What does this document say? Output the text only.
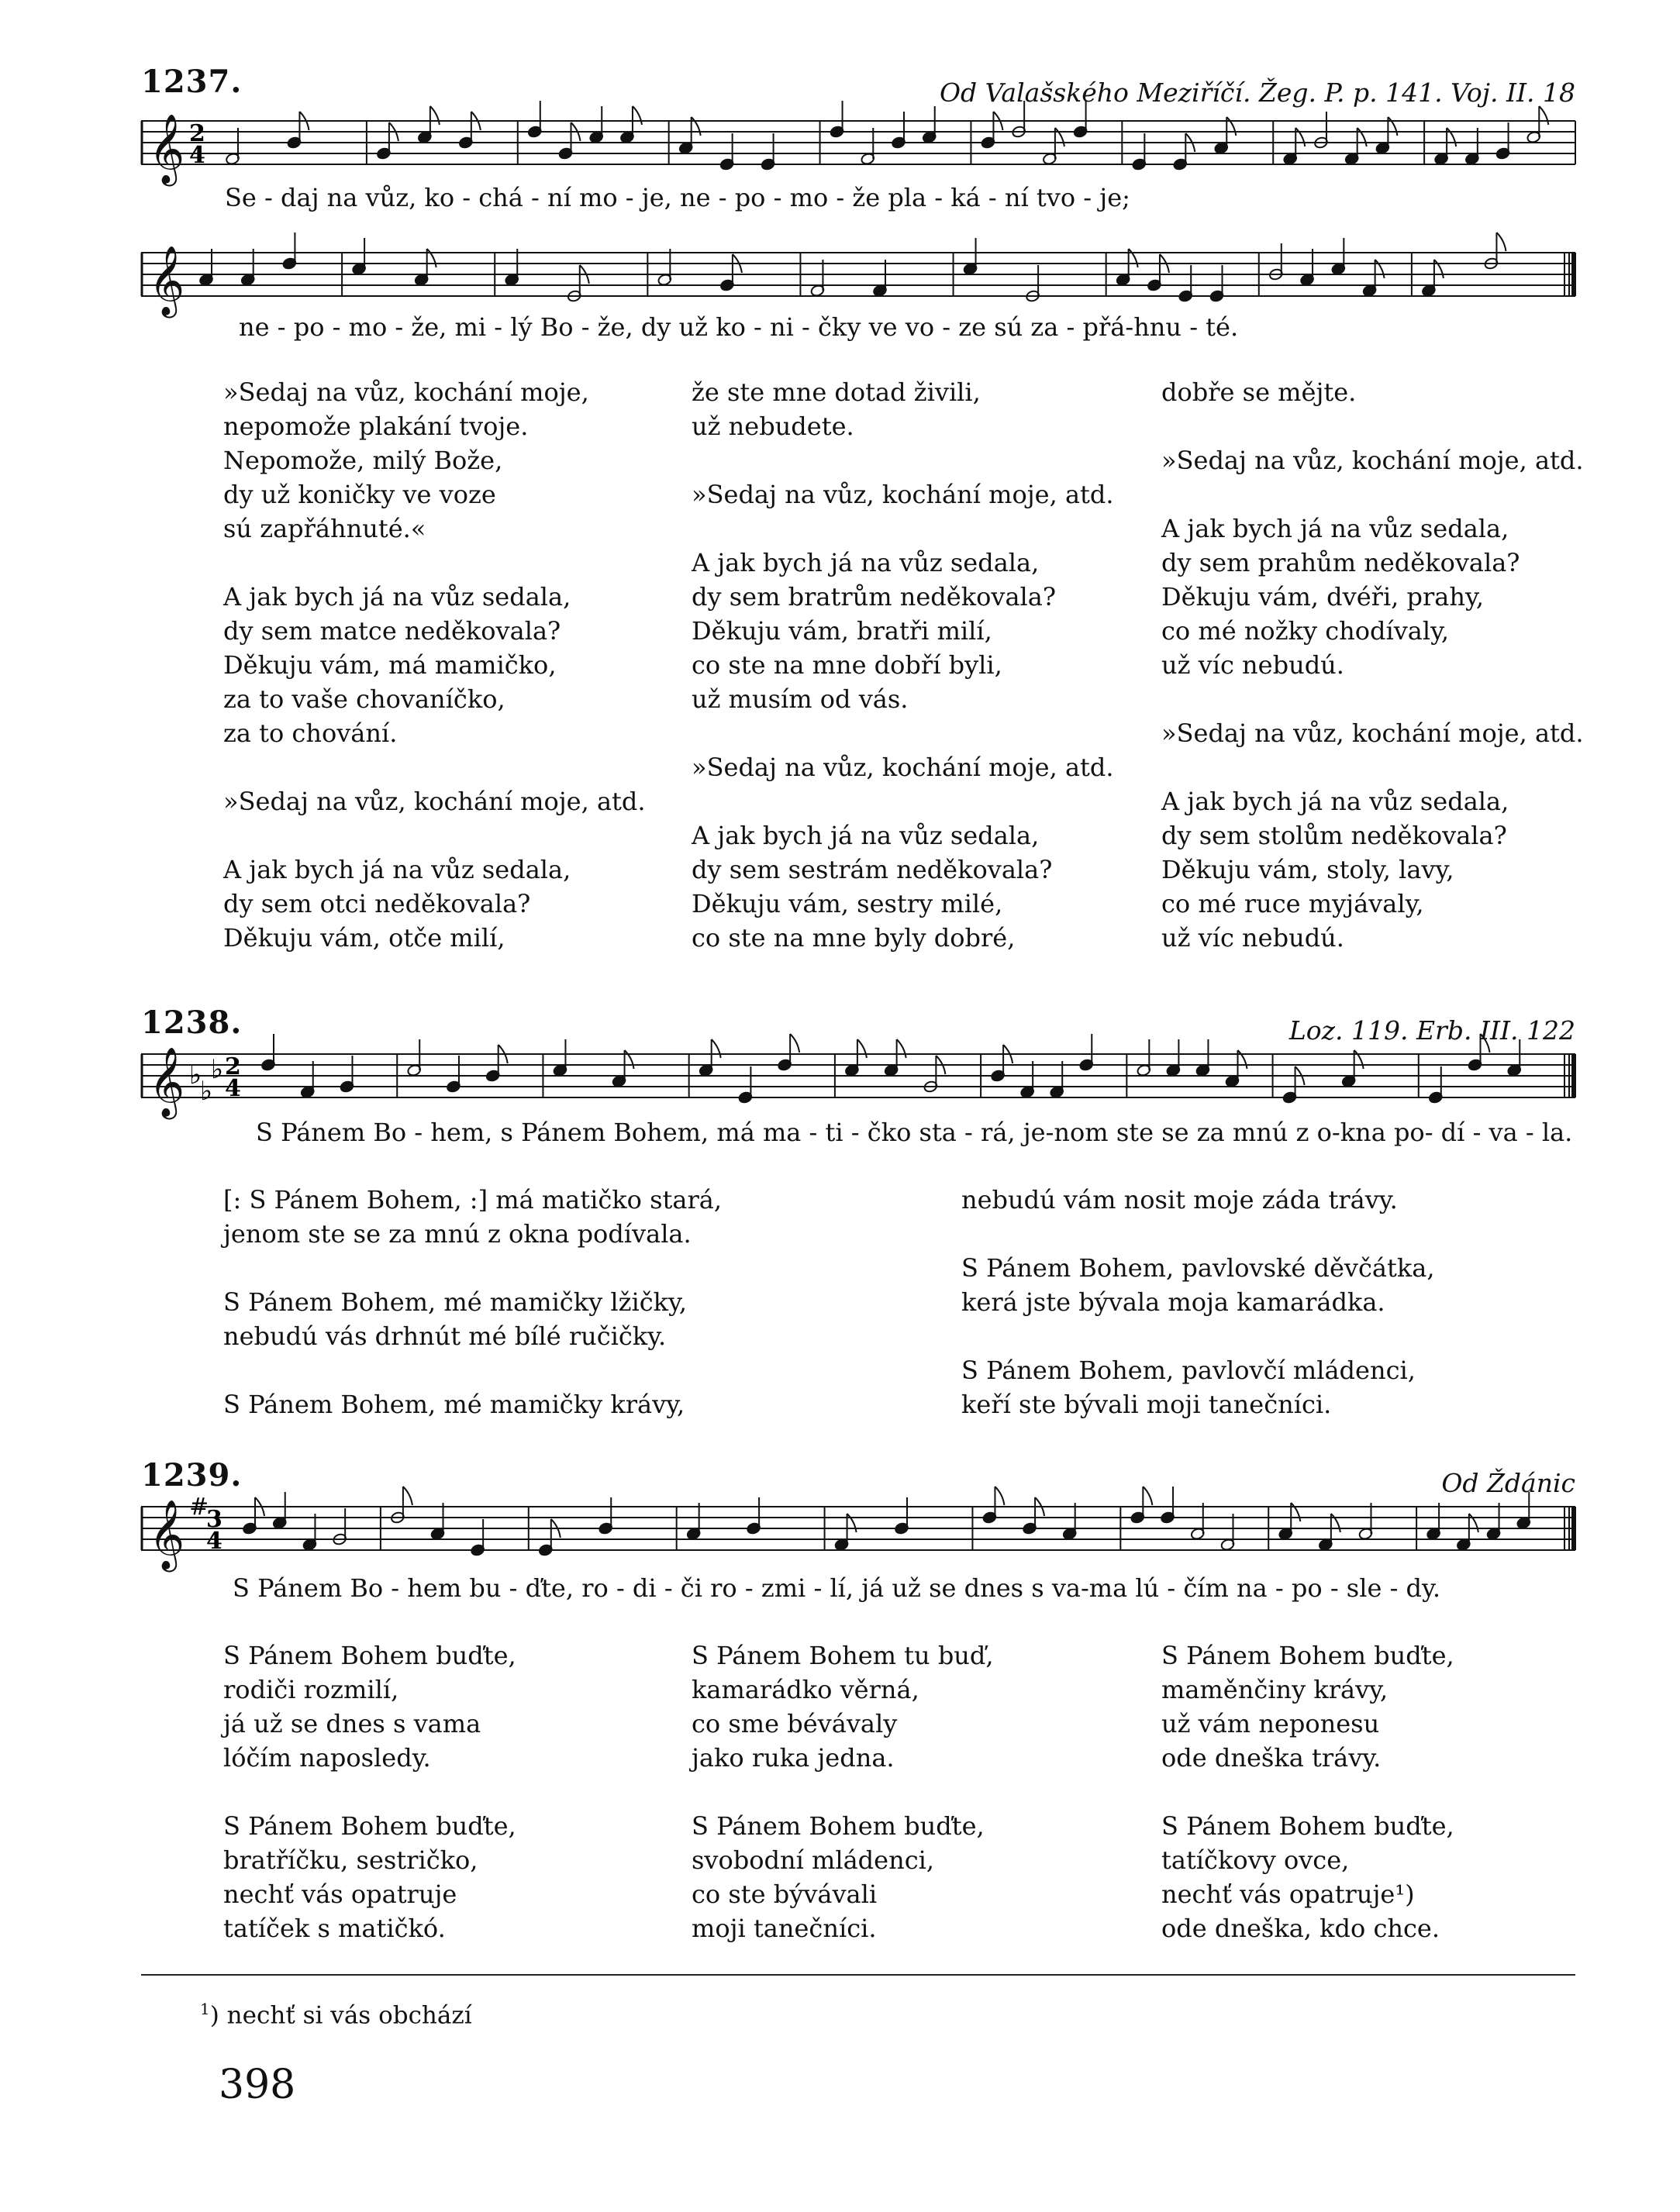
1237.	Od Valašského Meziříčí. Žeg. P. p. 141. Voj. II. 18
𝄞 2
4
Se - daj na vůz, ko - chá - ní mo - je, ne - po - mo - že pla - ká - ní tvo - je;
𝄞
ne - po - mo - že, mi - lý Bo - že, dy už ko - ni - čky ve vo - ze sú za - přá-hnu - té.

»Sedaj na vůz, kochání moje,
nepomože plakání tvoje.
Nepomože, milý Bože,
dy už koničky ve voze
sú zapřáhnuté.«

A jak bych já na vůz sedala,
dy sem matce neděkovala?
Děkuju vám, má mamičko,
za to vaše chovaníčko,
za to chování.

»Sedaj na vůz, kochání moje, atd.

A jak bych já na vůz sedala,
dy sem otci neděkovala?
Děkuju vám, otče milí,

že ste mne dotad živili,
už nebudete.

»Sedaj na vůz, kochání moje, atd.

A jak bych já na vůz sedala,
dy sem bratrům neděkovala?
Děkuju vám, bratři milí,
co ste na mne dobří byli,
už musím od vás.

»Sedaj na vůz, kochání moje, atd.

A jak bych já na vůz sedala,
dy sem sestrám neděkovala?
Děkuju vám, sestry milé,
co ste na mne byly dobré,

dobře se mějte.

»Sedaj na vůz, kochání moje, atd.

A jak bych já na vůz sedala,
dy sem prahům neděkovala?
Děkuju vám, dvéři, prahy,
co mé nožky chodívaly,
už víc nebudú.

»Sedaj na vůz, kochání moje, atd.

A jak bych já na vůz sedala,
dy sem stolům neděkovala?
Děkuju vám, stoly, lavy,
co mé ruce myjávaly,
už víc nebudú.

1238.	Loz. 119. Erb. III. 122
𝄞 ♭
♭
♭ 2
4
S Pánem Bo - hem, s Pánem Bohem, má ma - ti - čko sta - rá, je-nom ste se za mnú z o-kna po- dí - va - la.

[: S Pánem Bohem, :] má matičko stará,
jenom ste se za mnú z okna podívala.

S Pánem Bohem, mé mamičky lžičky,
nebudú vás drhnút mé bílé ručičky.

S Pánem Bohem, mé mamičky krávy,

nebudú vám nosit moje záda trávy.

S Pánem Bohem, pavlovské děvčátka,
kerá jste bývala moja kamarádka.

S Pánem Bohem, pavlovčí mládenci,
keří ste bývali moji tanečníci.

1239.	Od Ždánic
𝄞 #
3
4
S Pánem Bo - hem bu - ďte, ro - di - či ro - zmi - lí, já už se dnes s va-ma lú - čím na - po - sle - dy.

S Pánem Bohem buďte,
rodiči rozmilí,
já už se dnes s vama
lóčím naposledy.

S Pánem Bohem buďte,
bratříčku, sestričko,
nechť vás opatruje
tatíček s matičkó.

S Pánem Bohem tu buď,
kamarádko věrná,
co sme bévávaly
jako ruka jedna.

S Pánem Bohem buďte,
svobodní mládenci,
co ste bývávali
moji tanečníci.

S Pánem Bohem buďte,
maměnčiny krávy,
už vám neponesu
ode dneška trávy.

S Pánem Bohem buďte,
tatíčkovy ovce,
nechť vás opatruje¹)
ode dneška, kdo chce.

$^1$) nechť si vás obchází
398
